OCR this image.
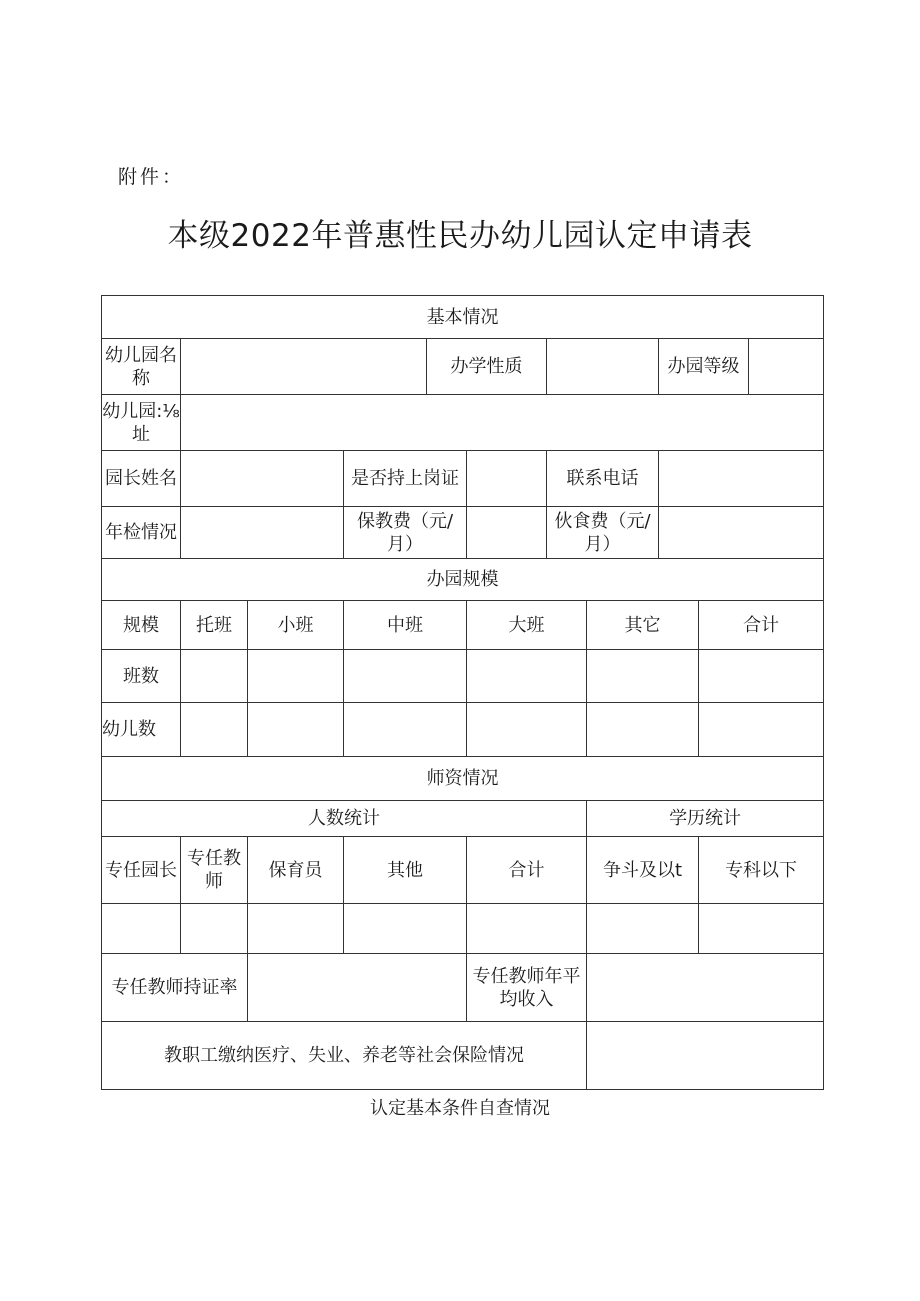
附件：
本级2022年普惠性民办幼儿园认定申请表
基本情况										
幼儿园名称				办学性质				办园等级		
幼儿园:⅛址										
园长姓名			是否持上岗证			联系电话				
年检情况			保教费（元/月）			伙食费（元/月）				
办园规模										
规模	托班	小班	中班		大班		其它		合计	
班数										
幼儿数										
师资情况										
人数统计							学历统计			
专任园长	专任教师	保育员	其他		合计		争斗及以t		专科以下	

专任教师持证率					专任教师年平均收入					
教职工缴纳医疗、失业、养老等社会保险情况										
认定基本条件自查情况
